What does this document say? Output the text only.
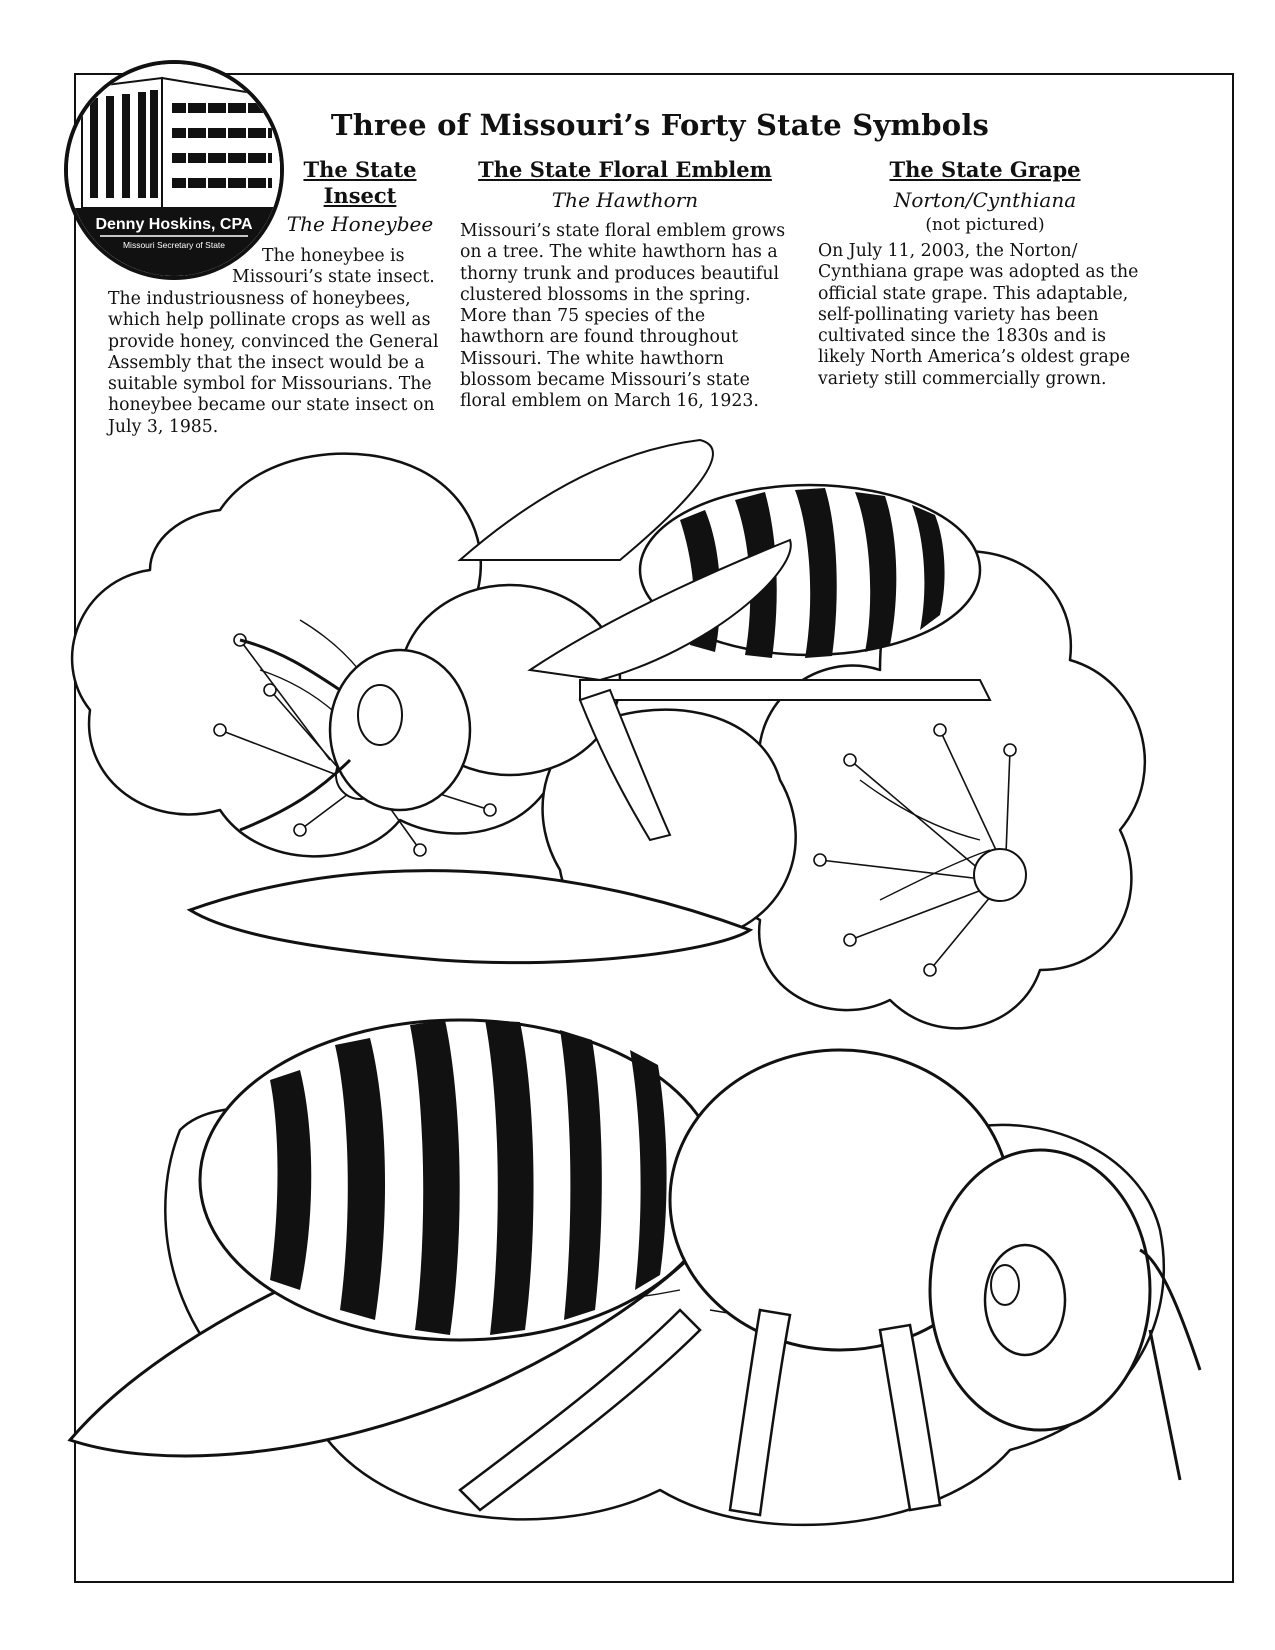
Denny Hoskins, CPA
Missouri Secretary of State
Three of Missouri’s Forty State Symbols
The State
Insect
The Honeybee
The honeybee is
Missouri’s state insect.

The industriousness of honeybees, which help pollinate crops as well as provide honey, convinced the General Assembly that the insect would be a suitable symbol for Missourians. The honeybee became our state insect on July 3, 1985.

The State Floral Emblem
The Hawthorn

Missouri’s state floral emblem grows on a tree. The white hawthorn has a thorny trunk and produces beautiful clustered blossoms in the spring. More than 75 species of the hawthorn are found throughout Missouri. The white hawthorn blossom became Missouri’s state floral emblem on March 16, 1923.

The State Grape
Norton/Cynthiana
(not pictured)

On July 11, 2003, the Norton/ Cynthiana grape was adopted as the official state grape. This adaptable, self-pollinating variety has been cultivated since the 1830s and is likely North America’s oldest grape variety still commercially grown.
